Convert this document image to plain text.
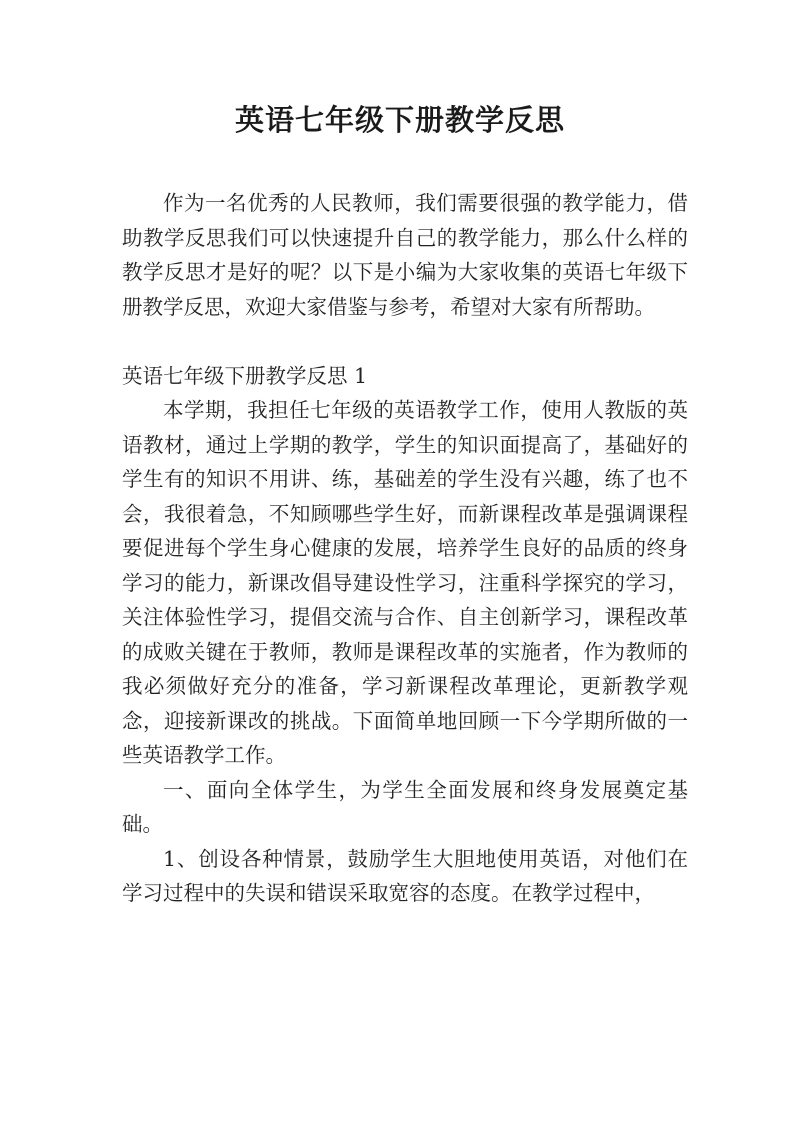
英语七年级下册教学反思

作为一名优秀的人民教师，我们需要很强的教学能力，借助教学反思我们可以快速提升自己的教学能力，那么什么样的教学反思才是好的呢？以下是小编为大家收集的英语七年级下册教学反思，欢迎大家借鉴与参考，希望对大家有所帮助。

英语七年级下册教学反思 1

本学期，我担任七年级的英语教学工作，使用人教版的英语教材，通过上学期的教学，学生的知识面提高了，基础好的学生有的知识不用讲、练，基础差的学生没有兴趣，练了也不会，我很着急，不知顾哪些学生好，而新课程改革是强调课程要促进每个学生身心健康的发展，培养学生良好的品质的终身学习的能力，新课改倡导建设性学习，注重科学探究的学习，关注体验性学习，提倡交流与合作、自主创新学习，课程改革的成败关键在于教师，教师是课程改革的实施者，作为教师的我必须做好充分的准备，学习新课程改革理论，更新教学观念，迎接新课改的挑战。下面简单地回顾一下今学期所做的一些英语教学工作。

一、面向全体学生，为学生全面发展和终身发展奠定基础。

1、创设各种情景，鼓励学生大胆地使用英语，对他们在学习过程中的失误和错误采取宽容的态度。在教学过程中，
